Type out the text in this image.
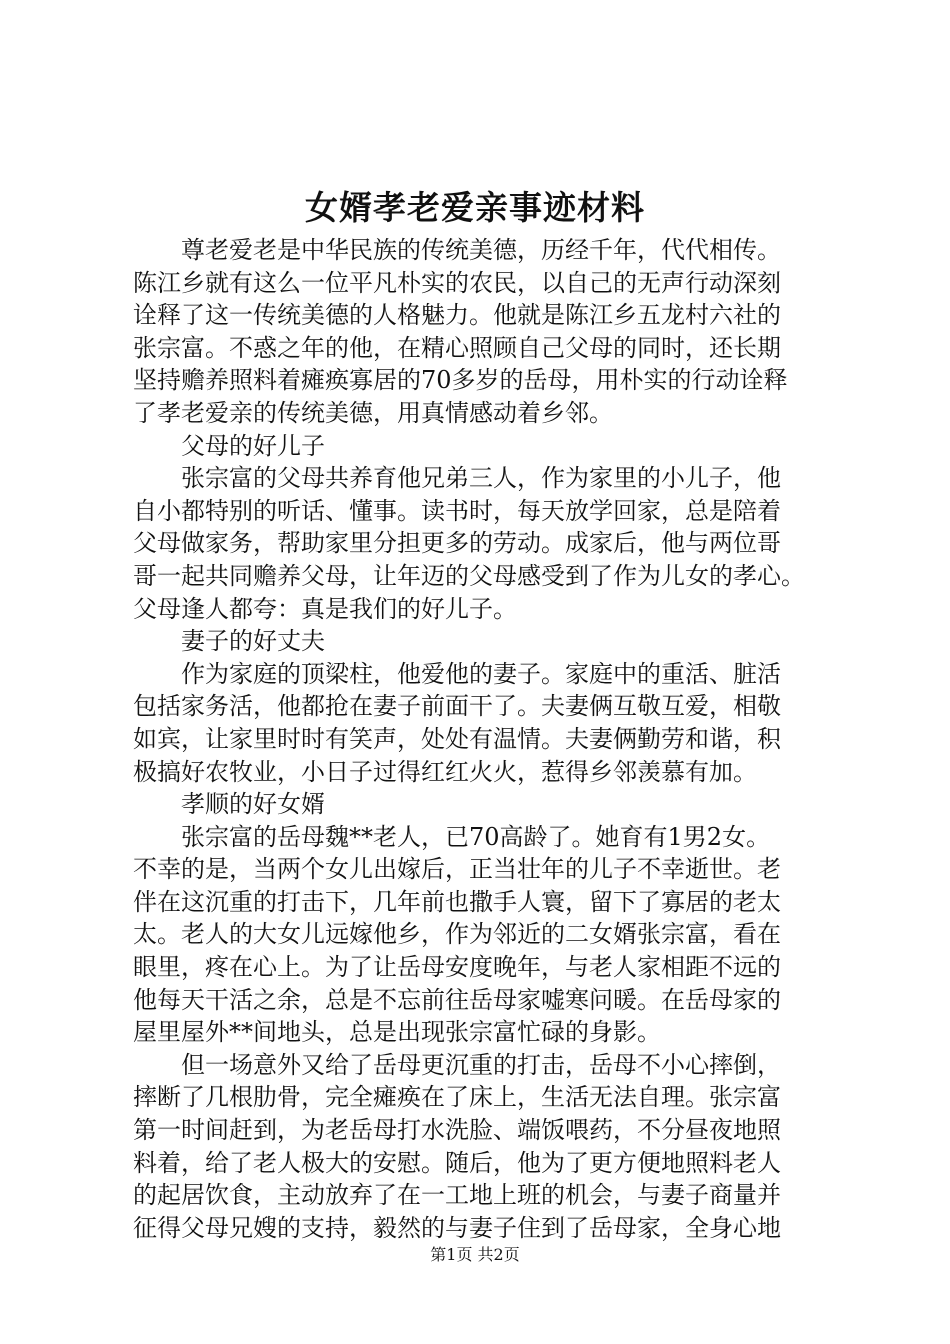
女婿孝老爱亲事迹材料
尊老爱老是中华民族的传统美德，历经千年，代代相传。
陈江乡就有这么一位平凡朴实的农民，以自己的无声行动深刻
诠释了这一传统美德的人格魅力。他就是陈江乡五龙村六社的
张宗富。不惑之年的他，在精心照顾自己父母的同时，还长期
坚持赡养照料着瘫痪寡居的70多岁的岳母，用朴实的行动诠释
了孝老爱亲的传统美德，用真情感动着乡邻。
父母的好儿子
张宗富的父母共养育他兄弟三人，作为家里的小儿子，他
自小都特别的听话、懂事。读书时，每天放学回家，总是陪着
父母做家务，帮助家里分担更多的劳动。成家后，他与两位哥
哥一起共同赡养父母，让年迈的父母感受到了作为儿女的孝心。
父母逢人都夸：真是我们的好儿子。
妻子的好丈夫
作为家庭的顶梁柱，他爱他的妻子。家庭中的重活、脏活
包括家务活，他都抢在妻子前面干了。夫妻俩互敬互爱，相敬
如宾，让家里时时有笑声，处处有温情。夫妻俩勤劳和谐，积
极搞好农牧业，小日子过得红红火火，惹得乡邻羡慕有加。
孝顺的好女婿
张宗富的岳母魏**老人，已70高龄了。她育有1男2女。
不幸的是，当两个女儿出嫁后，正当壮年的儿子不幸逝世。老
伴在这沉重的打击下，几年前也撒手人寰，留下了寡居的老太
太。老人的大女儿远嫁他乡，作为邻近的二女婿张宗富，看在
眼里，疼在心上。为了让岳母安度晚年，与老人家相距不远的
他每天干活之余，总是不忘前往岳母家嘘寒问暖。在岳母家的
屋里屋外**间地头，总是出现张宗富忙碌的身影。
但一场意外又给了岳母更沉重的打击，岳母不小心摔倒，
摔断了几根肋骨，完全瘫痪在了床上，生活无法自理。张宗富
第一时间赶到，为老岳母打水洗脸、端饭喂药，不分昼夜地照
料着，给了老人极大的安慰。随后，他为了更方便地照料老人
的起居饮食，主动放弃了在一工地上班的机会，与妻子商量并
征得父母兄嫂的支持，毅然的与妻子住到了岳母家，全身心地
第1页 共2页
